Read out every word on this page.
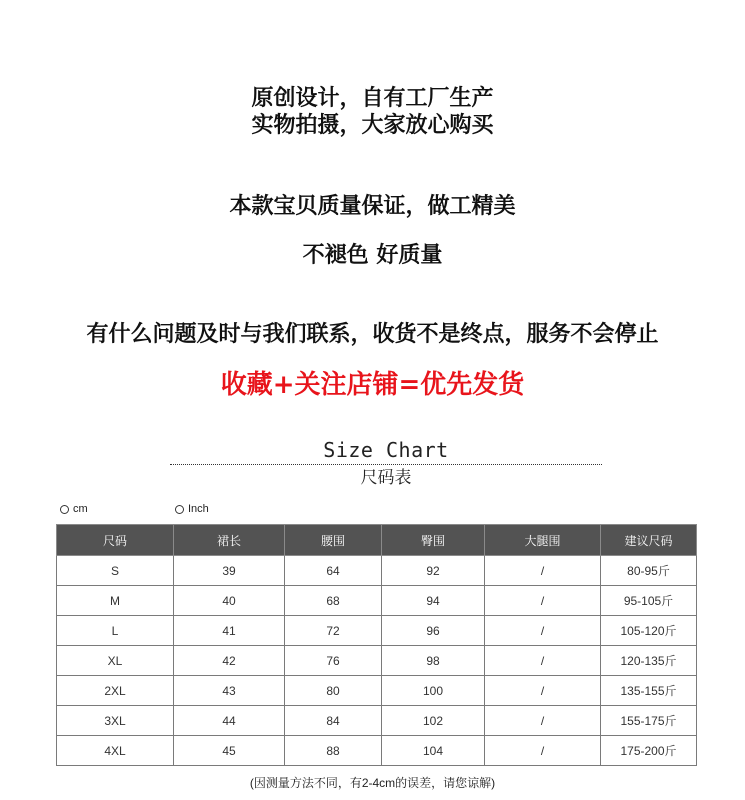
原创设计，自有工厂生产
实物拍摄，大家放心购买
本款宝贝质量保证，做工精美
不褪色 好质量
有什么问题及时与我们联系，收货不是终点，服务不会停止
收藏+关注店铺=优先发货
Size Chart
尺码表
cm	Inch
尺码	裙长	腰围	臀围	大腿围	建议尺码
S	39	64	92	/	80-95斤
M	40	68	94	/	95-105斤
L	41	72	96	/	105-120斤
XL	42	76	98	/	120-135斤
2XL	43	80	100	/	135-155斤
3XL	44	84	102	/	155-175斤
4XL	45	88	104	/	175-200斤
(因测量方法不同，有2-4cm的误差，请您谅解)
